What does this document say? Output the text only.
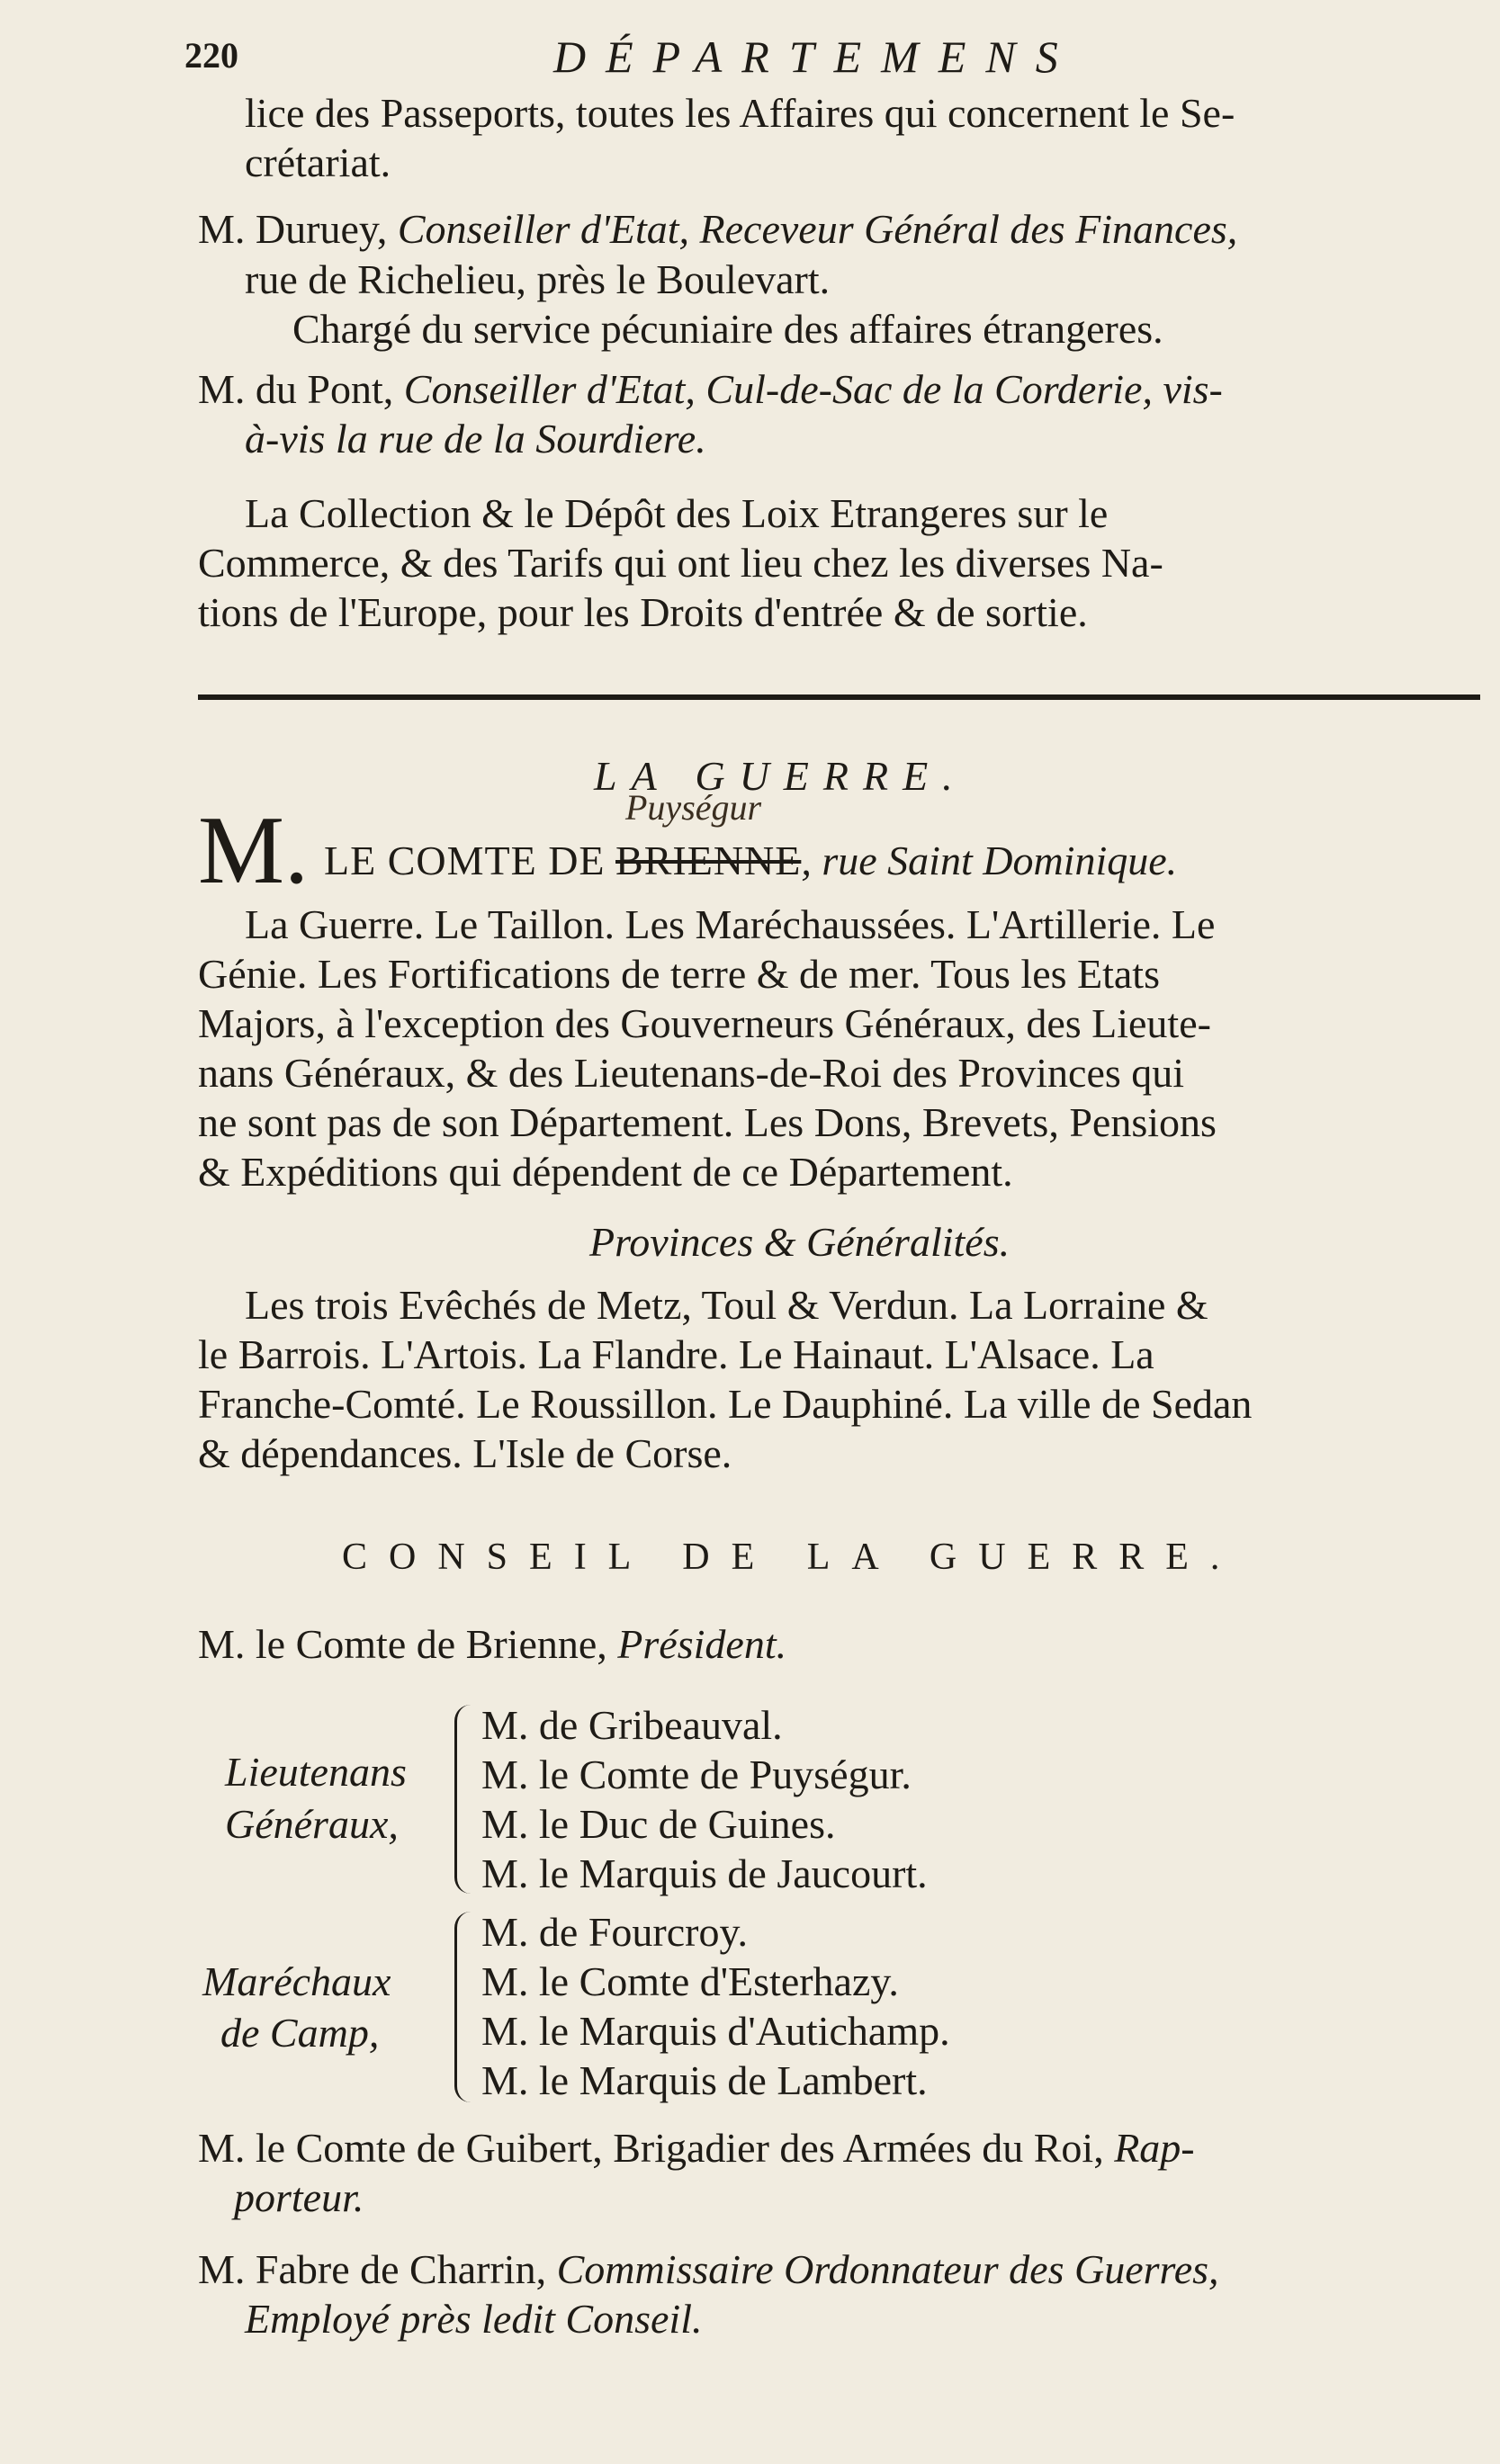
220	DÉPARTEMENS
lice des Passeports, toutes les Affaires qui concernent le Se-
crétariat.
M. Duruey, Conseiller d'Etat, Receveur Général des Finances,
rue de Richelieu, près le Boulevart.
Chargé du service pécuniaire des affaires étrangeres.
M. du Pont, Conseiller d'Etat, Cul-de-Sac de la Corderie, vis-
à-vis la rue de la Sourdiere.
La Collection & le Dépôt des Loix Etrangeres sur le
Commerce, & des Tarifs qui ont lieu chez les diverses Na-
tions de l'Europe, pour les Droits d'entrée & de sortie.
LA GUERRE.
Puységur
M. LE COMTE DE BRIENNE, rue Saint Dominique.
La Guerre. Le Taillon. Les Maréchaussées. L'Artillerie. Le
Génie. Les Fortifications de terre & de mer. Tous les Etats
Majors, à l'exception des Gouverneurs Généraux, des Lieute-
nans Généraux, & des Lieutenans-de-Roi des Provinces qui
ne sont pas de son Département. Les Dons, Brevets, Pensions
& Expéditions qui dépendent de ce Département.
Provinces & Généralités.
Les trois Evêchés de Metz, Toul & Verdun. La Lorraine &
le Barrois. L'Artois. La Flandre. Le Hainaut. L'Alsace. La
Franche-Comté. Le Roussillon. Le Dauphiné. La ville de Sedan
& dépendances. L'Isle de Corse.
CONSEIL DE LA GUERRE.
M. le Comte de Brienne, Président.
Lieutenans
Généraux,
M. de Gribeauval.
M. le Comte de Puységur.
M. le Duc de Guines.
M. le Marquis de Jaucourt.
Maréchaux
de Camp,
M. de Fourcroy.
M. le Comte d'Esterhazy.
M. le Marquis d'Autichamp.
M. le Marquis de Lambert.
M. le Comte de Guibert, Brigadier des Armées du Roi, Rap-
porteur.
M. Fabre de Charrin, Commissaire Ordonnateur des Guerres,
Employé près ledit Conseil.
